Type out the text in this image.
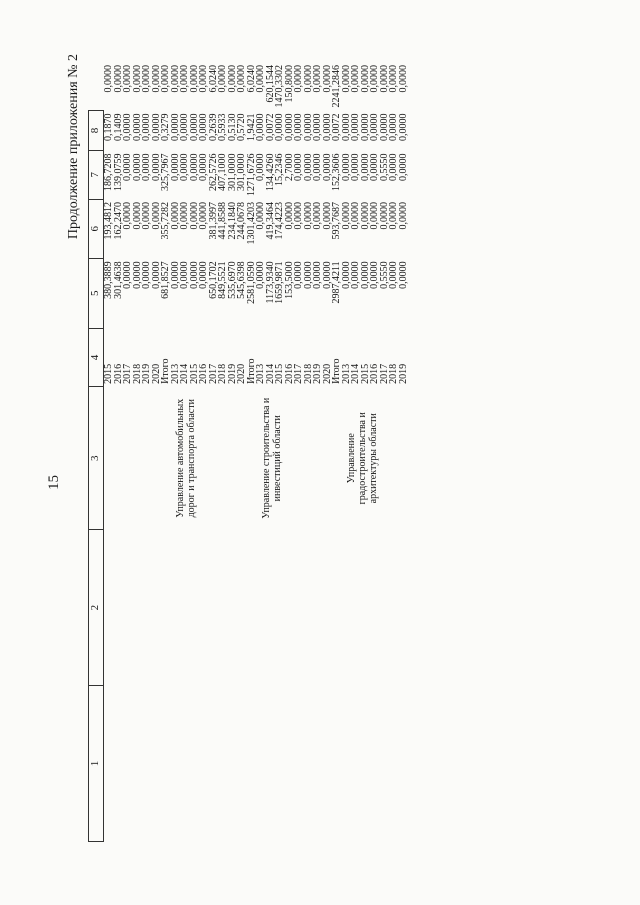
15
Продолжение приложения № 2
1	2	3	4	5	6	7	8	
			2015	380,3889	193,4812	186,7208	0,1870	0,0000
			2016	301,4638	162,2470	139,0759	0,1409	0,0000
			2017	0,0000	0,0000	0,0000	0,0000	0,0000
			2018	0,0000	0,0000	0,0000	0,0000	0,0000
			2019	0,0000	0,0000	0,0000	0,0000	0,0000
			2020	0,0000	0,0000	0,0000	0,0000	0,0000
		Управление автомобильных дорог и транспорта области	Итого	681,8527	355,7282	325,7967	0,3279	0,0000
			2013	0,0000	0,0000	0,0000	0,0000	0,0000
			2014	0,0000	0,0000	0,0000	0,0000	0,0000
			2015	0,0000	0,0000	0,0000	0,0000	0,0000
			2016	0,0000	0,0000	0,0000	0,0000	0,0000
			2017	650,1702	381,3997	262,5726	0,2639	6,0240
			2018	849,5521	441,8588	407,1000	0,5933	0,0000
			2019	535,6970	234,1840	301,0000	0,5130	0,0000
			2020	545,6398	244,0678	301,0000	0,5720	0,0000
		Управление строительства и инвестиций области	Итого	2581,0590	1301,4203	1271,6726	1,9421	6,0240
			2013	0,0000	0,0000	0,0000	0,0000	0,0000
			2014	1173,9340	419,3464	134,4260	0,0072	620,1544
			2015	1659,9871	174,4223	15,2346	0,0000	1470,3302
			2016	153,5000	0,0000	2,7000	0,0000	150,8000
			2017	0,0000	0,0000	0,0000	0,0000	0,0000
			2018	0,0000	0,0000	0,0000	0,0000	0,0000
			2019	0,0000	0,0000	0,0000	0,0000	0,0000
			2020	0,0000	0,0000	0,0000	0,0000	0,0000
		Управление градостроительства и архитектуры области	Итого	2987,4211	593,7687	152,3606	0,0072	2241,2846
			2013	0,0000	0,0000	0,0000	0,0000	0,0000
			2014	0,0000	0,0000	0,0000	0,0000	0,0000
			2015	0,0000	0,0000	0,0000	0,0000	0,0000
			2016	0,0000	0,0000	0,0000	0,0000	0,0000
			2017	0,5550	0,0000	0,5550	0,0000	0,0000
			2018	0,0000	0,0000	0,0000	0,0000	0,0000
			2019	0,0000	0,0000	0,0000	0,0000	0,0000
